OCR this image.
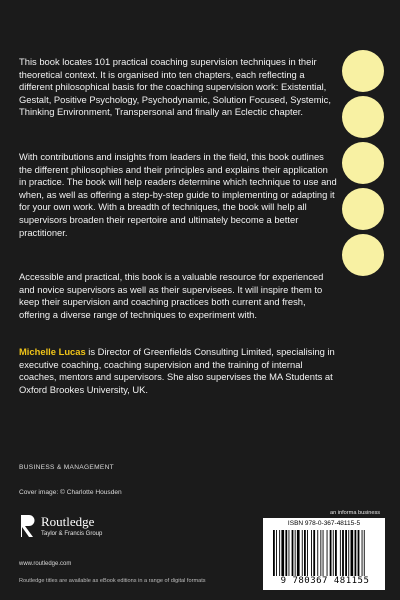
This book locates 101 practical coaching supervision techniques in their theoretical context. It is organised into ten chapters, each reflecting a different philosophical basis for the coaching supervision work: Existential, Gestalt, Positive Psychology, Psychodynamic, Solution Focused, Systemic, Thinking Environment, Transpersonal and finally an Eclectic chapter.
With contributions and insights from leaders in the field, this book outlines the different philosophies and their principles and explains their application in practice. The book will help readers determine which technique to use and when, as well as offering a step-by-step guide to implementing or adapting it for your own work. With a breadth of techniques, the book will help all supervisors broaden their repertoire and ultimately become a better practitioner.
Accessible and practical, this book is a valuable resource for experienced and novice supervisors as well as their supervisees. It will inspire them to keep their supervision and coaching practices both current and fresh, offering a diverse range of techniques to experiment with.
Michelle Lucas is Director of Greenfields Consulting Limited, specialising in executive coaching, coaching supervision and the training of internal coaches, mentors and supervisors. She also supervises the MA Students at Oxford Brookes University, UK.
BUSINESS & MANAGEMENT
Cover image: © Charlotte Housden
Routledge
Taylor & Francis Group
www.routledge.com
Routledge titles are available as eBook editions in a range of digital formats
an informa business
ISBN 978-0-367-48115-5
9 780367 481155
